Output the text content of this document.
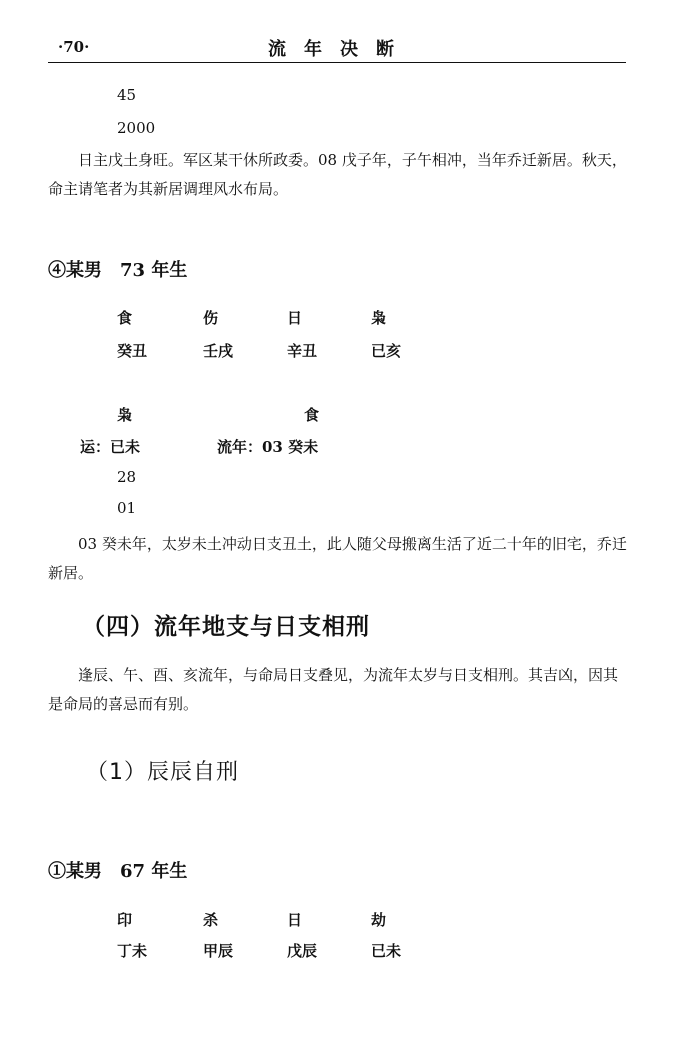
·70·	流年决断
45
2000
日主戊土身旺。军区某干休所政委。08 戊子年，子午相冲，当年乔迁新居。秋天，命主请笔者为其新居调理风水布局。
④某男　73 年生
食	伤	日	枭
癸丑	壬戌	辛丑	已亥
枭	食
运：已未	流年：03 癸未
28
01
03 癸未年，太岁未土冲动日支丑土，此人随父母搬离生活了近二十年的旧宅，乔迁新居。
（四）流年地支与日支相刑
逢辰、午、酉、亥流年，与命局日支叠见，为流年太岁与日支相刑。其吉凶，因其是命局的喜忌而有别。
（1）辰辰自刑
①某男　67 年生
印	杀	日	劫
丁未	甲辰	戊辰	已未
